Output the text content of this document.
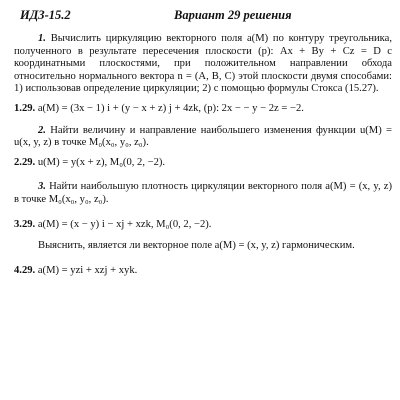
ИДЗ-15.2	Вариант 29 решения

1. Вычислить циркуляцию векторного поля a(M) по контуру треугольника, полученного в результате пересечения плоскости (p): Ax + By + Cz = D с координатными плоскостями, при положительном направлении обхода относительно нормального вектора n = (A, B, C) этой плоскости двумя способами: 1) использовав определение циркуляции; 2) с помощью формулы Стокса (15.27).

1.29. a(M) = (3x − 1) i + (y − x + z) j + 4zk, (p): 2x − − y − 2z = −2.

2. Найти величину и направление наибольшего изменения функции u(M) = u(x, y, z) в точке M₀(x₀, y₀, z₀).

2.29. u(M) = y(x + z), M₀(0, 2, −2).

3. Найти наибольшую плотность циркуляции векторного поля a(M) = (x, y, z) в точке M₀(x₀, y₀, z₀).

3.29. a(M) = (x − y) i − xj + xzk, M₀(0, 2, −2).

Выяснить, является ли векторное поле a(M) = (x, y, z) гармоническим.

4.29. a(M) = yzi + xzj + xyk.
